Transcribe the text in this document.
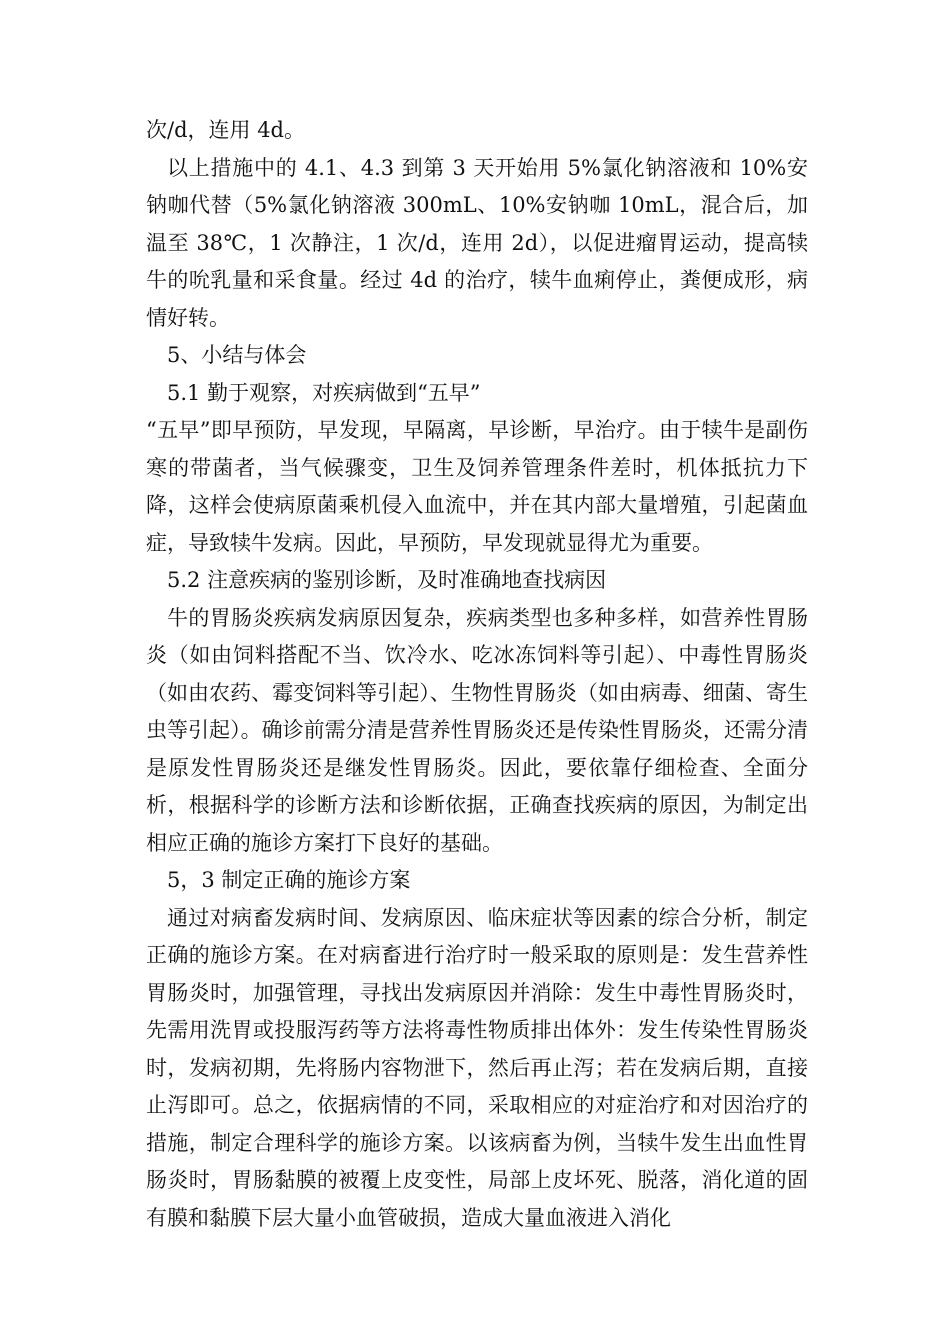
次/d，连用 4d。

以上措施中的 4.1、4.3 到第 3 天开始用 5%氯化钠溶液和 10%安钠咖代替（5%氯化钠溶液 300mL、10%安钠咖 10mL，混合后，加温至 38℃，1 次静注，1 次/d，连用 2d），以促进瘤胃运动，提高犊牛的吮乳量和采食量。经过 4d 的治疗，犊牛血痢停止，粪便成形，病情好转。

5、小结与体会

5.1 勤于观察，对疾病做到“五早”

“五早”即早预防，早发现，早隔离，早诊断，早治疗。由于犊牛是副伤寒的带菌者，当气候骤变，卫生及饲养管理条件差时，机体抵抗力下降，这样会使病原菌乘机侵入血流中，并在其内部大量增殖，引起菌血症，导致犊牛发病。因此，早预防，早发现就显得尤为重要。

5.2 注意疾病的鉴别诊断，及时准确地查找病因

牛的胃肠炎疾病发病原因复杂，疾病类型也多种多样，如营养性胃肠炎（如由饲料搭配不当、饮冷水、吃冰冻饲料等引起）、中毒性胃肠炎（如由农药、霉变饲料等引起）、生物性胃肠炎（如由病毒、细菌、寄生虫等引起）。确诊前需分清是营养性胃肠炎还是传染性胃肠炎，还需分清是原发性胃肠炎还是继发性胃肠炎。因此，要依靠仔细检查、全面分析，根据科学的诊断方法和诊断依据，正确查找疾病的原因，为制定出相应正确的施诊方案打下良好的基础。

5，3 制定正确的施诊方案

通过对病畜发病时间、发病原因、临床症状等因素的综合分析，制定正确的施诊方案。在对病畜进行治疗时一般采取的原则是：发生营养性胃肠炎时，加强管理，寻找出发病原因并消除：发生中毒性胃肠炎时，先需用洗胃或投服泻药等方法将毒性物质排出体外：发生传染性胃肠炎时，发病初期，先将肠内容物泄下，然后再止泻；若在发病后期，直接止泻即可。总之，依据病情的不同，采取相应的对症治疗和对因治疗的措施，制定合理科学的施诊方案。以该病畜为例，当犊牛发生出血性胃肠炎时，胃肠黏膜的被覆上皮变性，局部上皮坏死、脱落，消化道的固有膜和黏膜下层大量小血管破损，造成大量血液进入消化
